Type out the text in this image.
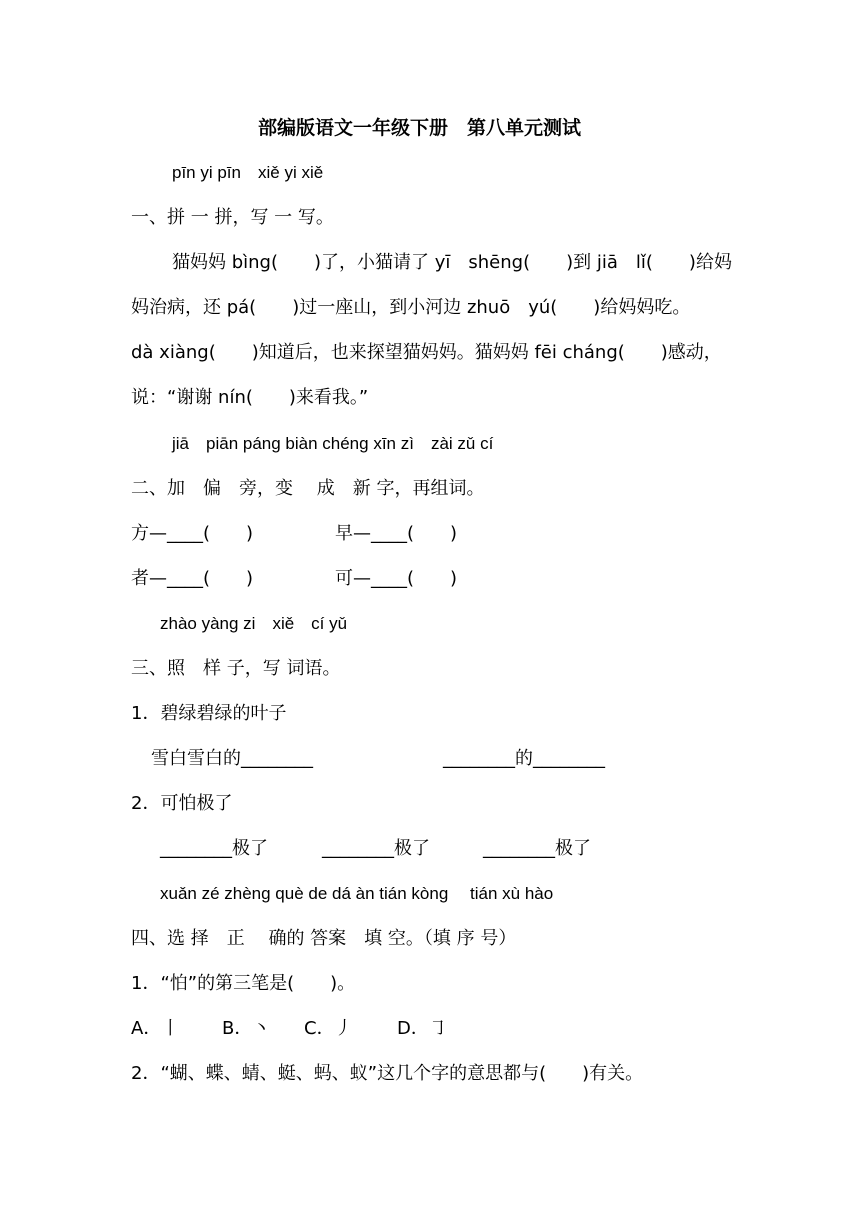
部编版语文一年级下册　第八单元测试
pīn yi pīn　xiě yi xiě
一、拼 一 拼，写 一 写。
猫妈妈 bìng(　　)了，小猫请了 yī　shēng(　　)到 jiā　lǐ(　　)给妈
妈治病，还 pá(　　)过一座山，到小河边 zhuō　yú(　　)给妈妈吃。
dà xiàng(　　)知道后，也来探望猫妈妈。猫妈妈 fēi cháng(　　)感动，
说：“谢谢 nín(　　)来看我。”
jiā　piān páng biàn chéng xīn zì　zài zǔ cí
二、加　偏　旁，变　 成　新 字，再组词。
方—____(　　)	早—____(　　)
者—____(　　)	可—____(　　)
zhào yàng zi　xiě　cí yǔ
三、照　样 子，写 词语。
1．碧绿碧绿的叶子
雪白雪白的________	________的________
2．可怕极了
________极了	________极了	________极了
xuǎn zé zhèng què de dá àn tián kòng　 tián xù hào
四、选 择　正　 确的 答案　填 空。（填 序 号）
1．“怕”的第三笔是(　　)。
A．丨 B．丶 C．丿 D．㇆
2．“蝴、蝶、蜻、蜓、蚂、蚁”这几个字的意思都与(　　)有关。
